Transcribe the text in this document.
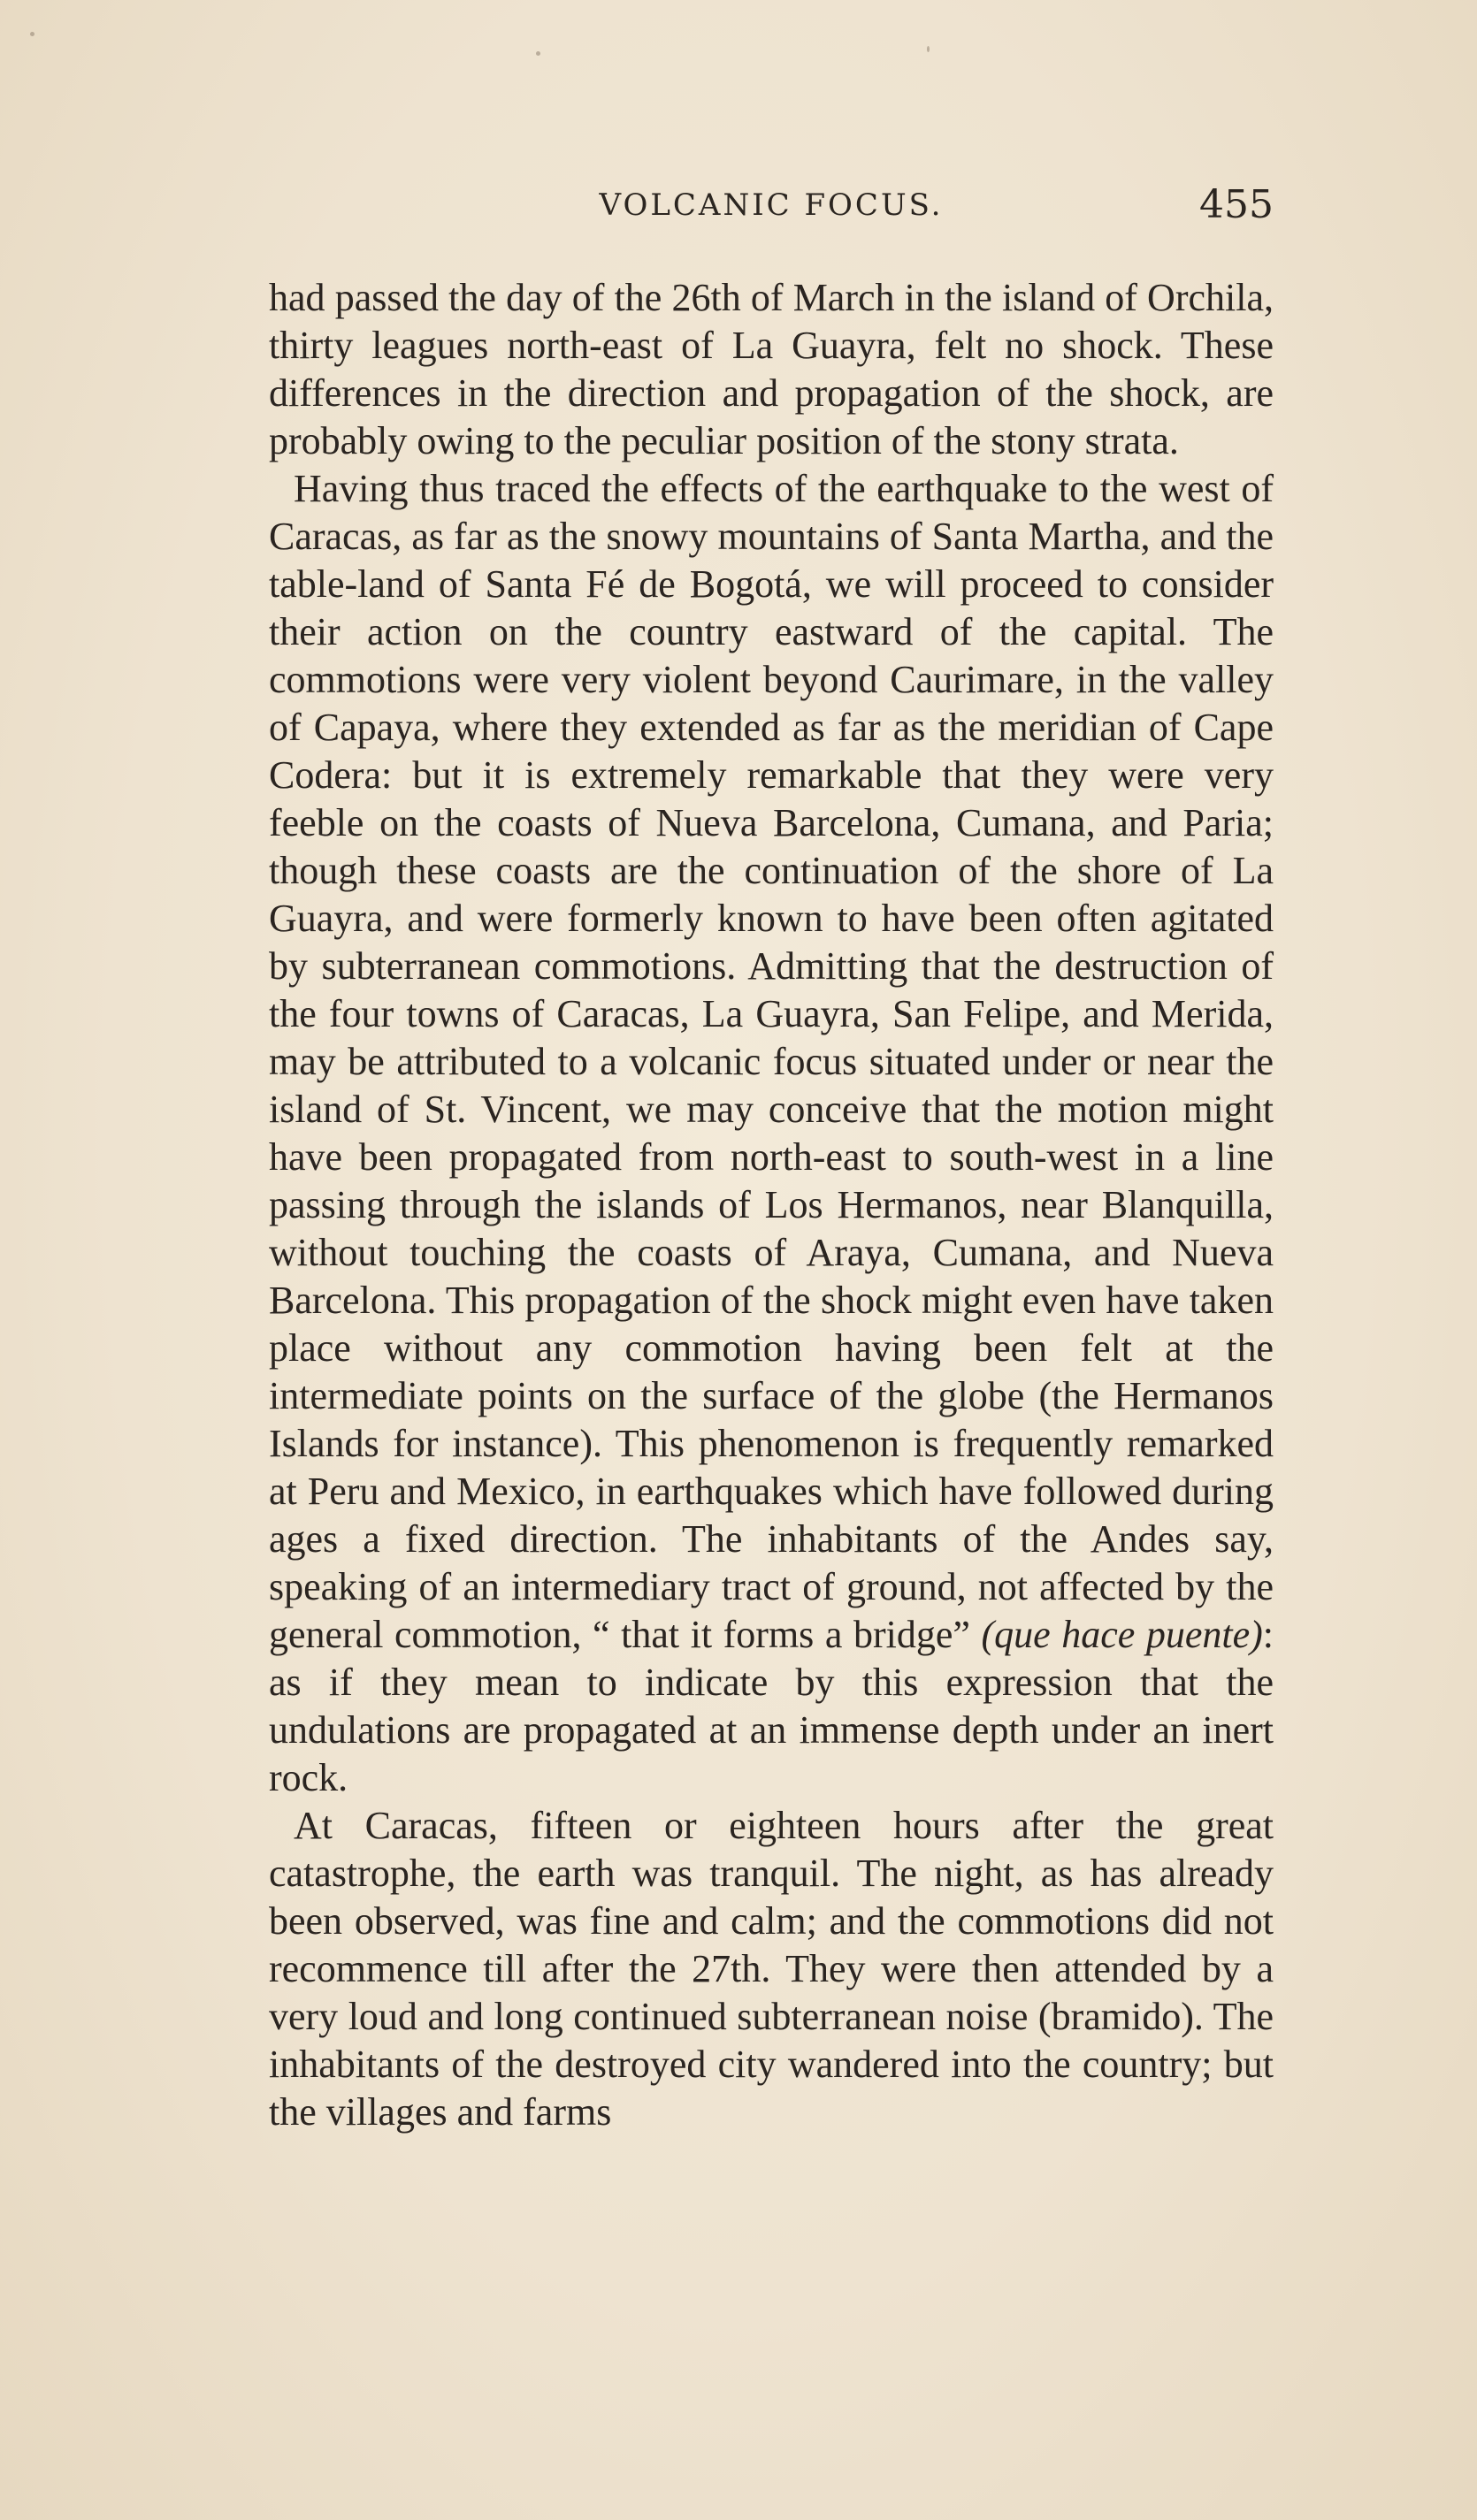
VOLCANIC FOCUS.	455

had passed the day of the 26th of March in the island of Orchila, thirty leagues north-east of La Guayra, felt no shock. These differences in the direction and propagation of the shock, are probably owing to the peculiar position of the stony strata.

Having thus traced the effects of the earthquake to the west of Caracas, as far as the snowy mountains of Santa Martha, and the table-land of Santa Fé de Bogotá, we will proceed to consider their action on the country eastward of the capital. The commotions were very violent beyond Caurimare, in the valley of Capaya, where they extended as far as the meridian of Cape Codera: but it is extremely remarkable that they were very feeble on the coasts of Nueva Barcelona, Cumana, and Paria; though these coasts are the continuation of the shore of La Guayra, and were formerly known to have been often agitated by subterranean commotions. Admitting that the destruction of the four towns of Caracas, La Guayra, San Felipe, and Merida, may be attributed to a volcanic focus situated under or near the island of St. Vincent, we may conceive that the motion might have been propagated from north-east to south-west in a line passing through the islands of Los Hermanos, near Blanquilla, without touching the coasts of Araya, Cumana, and Nueva Barcelona. This propagation of the shock might even have taken place without any commotion having been felt at the intermediate points on the surface of the globe (the Hermanos Islands for instance). This phenomenon is frequently remarked at Peru and Mexico, in earthquakes which have followed during ages a fixed direction. The inhabitants of the Andes say, speaking of an intermediary tract of ground, not affected by the general commotion, “ that it forms a bridge” (que hace puente): as if they mean to indicate by this expression that the undulations are propagated at an immense depth under an inert rock.

At Caracas, fifteen or eighteen hours after the great catastrophe, the earth was tranquil. The night, as has already been observed, was fine and calm; and the commotions did not recommence till after the 27th. They were then attended by a very loud and long continued subterranean noise (bramido). The inhabitants of the destroyed city wandered into the country; but the villages and farms
